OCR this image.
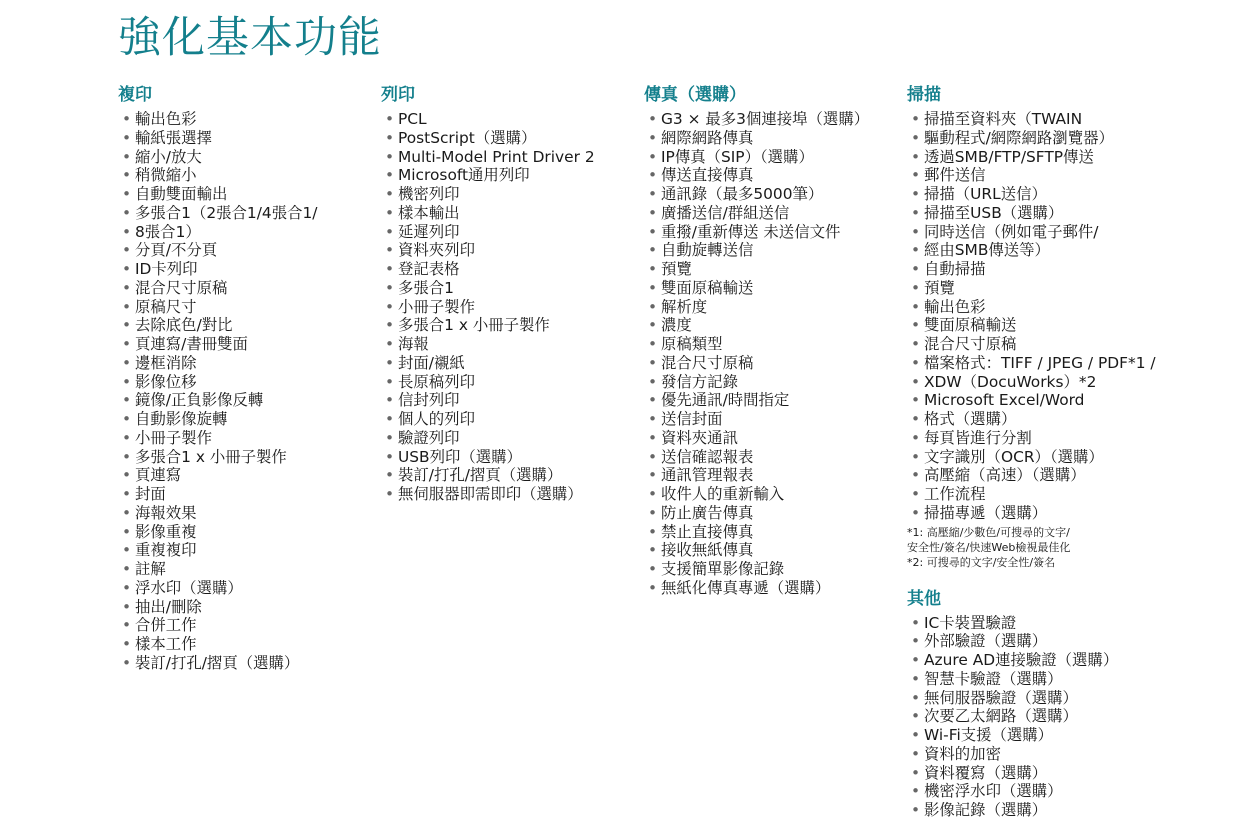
強化基本功能
複印
• 輸出色彩
• 輸紙張選擇
• 縮小/放大
• 稍微縮小
• 自動雙面輸出
• 多張合1（2張合1/4張合1/
• 8張合1）
• 分頁/不分頁
• ID卡列印
• 混合尺寸原稿
• 原稿尺寸
• 去除底色/對比
• 頁連寫/書冊雙面
• 邊框消除
• 影像位移
• 鏡像/正負影像反轉
• 自動影像旋轉
• 小冊子製作
• 多張合1 x 小冊子製作
• 頁連寫
• 封面
• 海報效果
• 影像重複
• 重複複印
• 註解
• 浮水印（選購）
• 抽出/刪除
• 合併工作
• 樣本工作
• 裝訂/打孔/摺頁（選購）
列印
• PCL
• PostScript（選購）
• Multi-Model Print Driver 2
• Microsoft通用列印
• 機密列印
• 樣本輸出
• 延遲列印
• 資料夾列印
• 登記表格
• 多張合1
• 小冊子製作
• 多張合1 x 小冊子製作
• 海報
• 封面/襯紙
• 長原稿列印
• 信封列印
• 個人的列印
• 驗證列印
• USB列印（選購）
• 裝訂/打孔/摺頁（選購）
• 無伺服器即需即印（選購）
傳真（選購）
• G3 × 最多3個連接埠（選購）
• 網際網路傳真
• IP傳真（SIP）（選購）
• 傳送直接傳真
• 通訊錄（最多5000筆）
• 廣播送信/群組送信
• 重撥/重新傳送 未送信文件
• 自動旋轉送信
• 預覽
• 雙面原稿輸送
• 解析度
• 濃度
• 原稿類型
• 混合尺寸原稿
• 發信方記錄
• 優先通訊/時間指定
• 送信封面
• 資料夾通訊
• 送信確認報表
• 通訊管理報表
• 收件人的重新輸入
• 防止廣告傳真
• 禁止直接傳真
• 接收無紙傳真
• 支援簡單影像記錄
• 無紙化傳真專遞（選購）
掃描
• 掃描至資料夾（TWAIN
• 驅動程式/網際網路瀏覽器）
• 透過SMB/FTP/SFTP傳送
• 郵件送信
• 掃描（URL送信）
• 掃描至USB（選購）
• 同時送信（例如電子郵件/
• 經由SMB傳送等）
• 自動掃描
• 預覽
• 輸出色彩
• 雙面原稿輸送
• 混合尺寸原稿
• 檔案格式：TIFF / JPEG / PDF*1 /
• XDW（DocuWorks）*2
• Microsoft Excel/Word
• 格式（選購）
• 每頁皆進行分割
• 文字識別（OCR）（選購）
• 高壓縮（高速）（選購）
• 工作流程
• 掃描專遞（選購）
*1: 高壓縮/少數色/可搜尋的文字/
安全性/簽名/快速Web檢視最佳化
*2: 可搜尋的文字/安全性/簽名
其他
• IC卡裝置驗證
• 外部驗證（選購）
• Azure AD連接驗證（選購）
• 智慧卡驗證（選購）
• 無伺服器驗證（選購）
• 次要乙太網路（選購）
• Wi-Fi支援（選購）
• 資料的加密
• 資料覆寫（選購）
• 機密浮水印（選購）
• 影像記錄（選購）
